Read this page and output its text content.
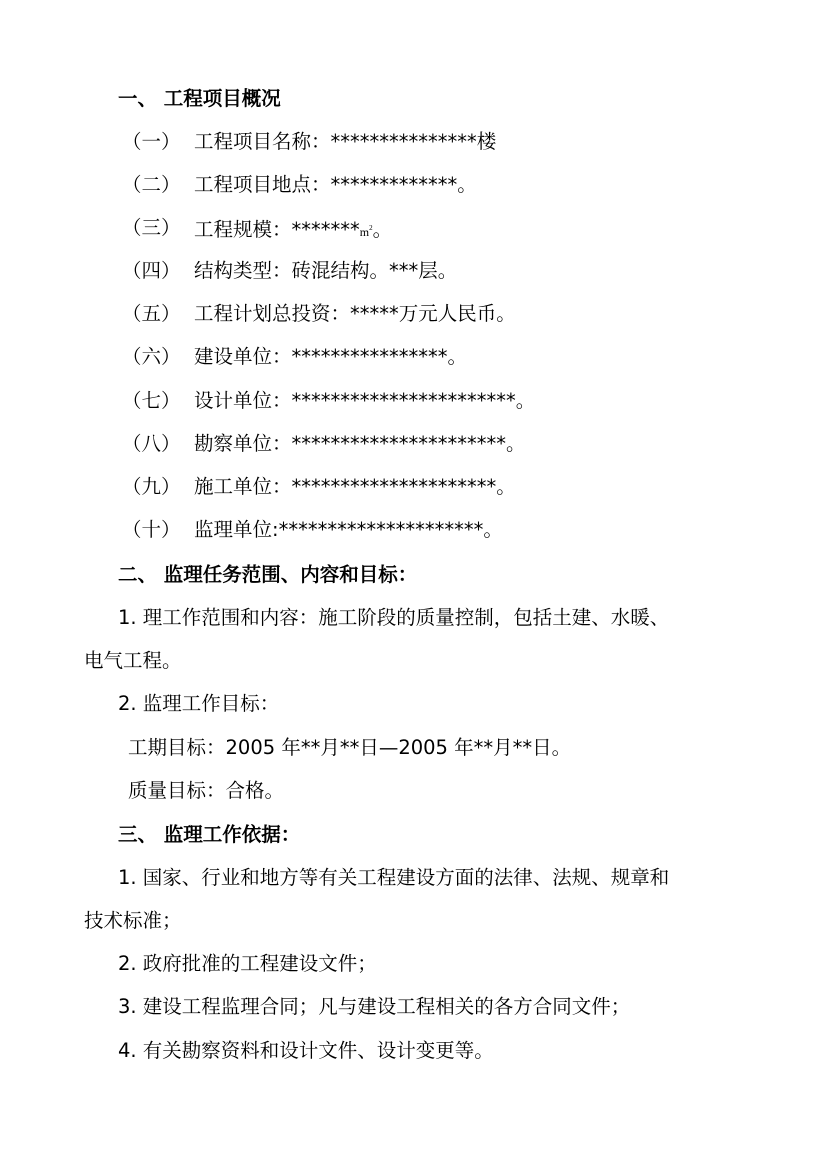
一、 工程项目概况
（一） 工程项目名称：***************楼
（二） 工程项目地点：*************。
（三） 工程规模：$*******m^2$。
（四） 结构类型：砖混结构。***层。
（五） 工程计划总投资：*****万元人民币。
（六） 建设单位：****************。
（七） 设计单位：***********************。
（八） 勘察单位：**********************。
（九） 施工单位：*********************。
（十） 监理单位:*********************。
二、 监理任务范围、内容和目标：
1. 理工作范围和内容：施工阶段的质量控制，包括土建、水暖、
电气工程。
2. 监理工作目标：
工期目标：2005 年**月**日—2005 年**月**日。
质量目标：合格。
三、 监理工作依据：
1. 国家、行业和地方等有关工程建设方面的法律、法规、规章和
技术标准；
2. 政府批准的工程建设文件；
3. 建设工程监理合同；凡与建设工程相关的各方合同文件；
4. 有关勘察资料和设计文件、设计变更等。
